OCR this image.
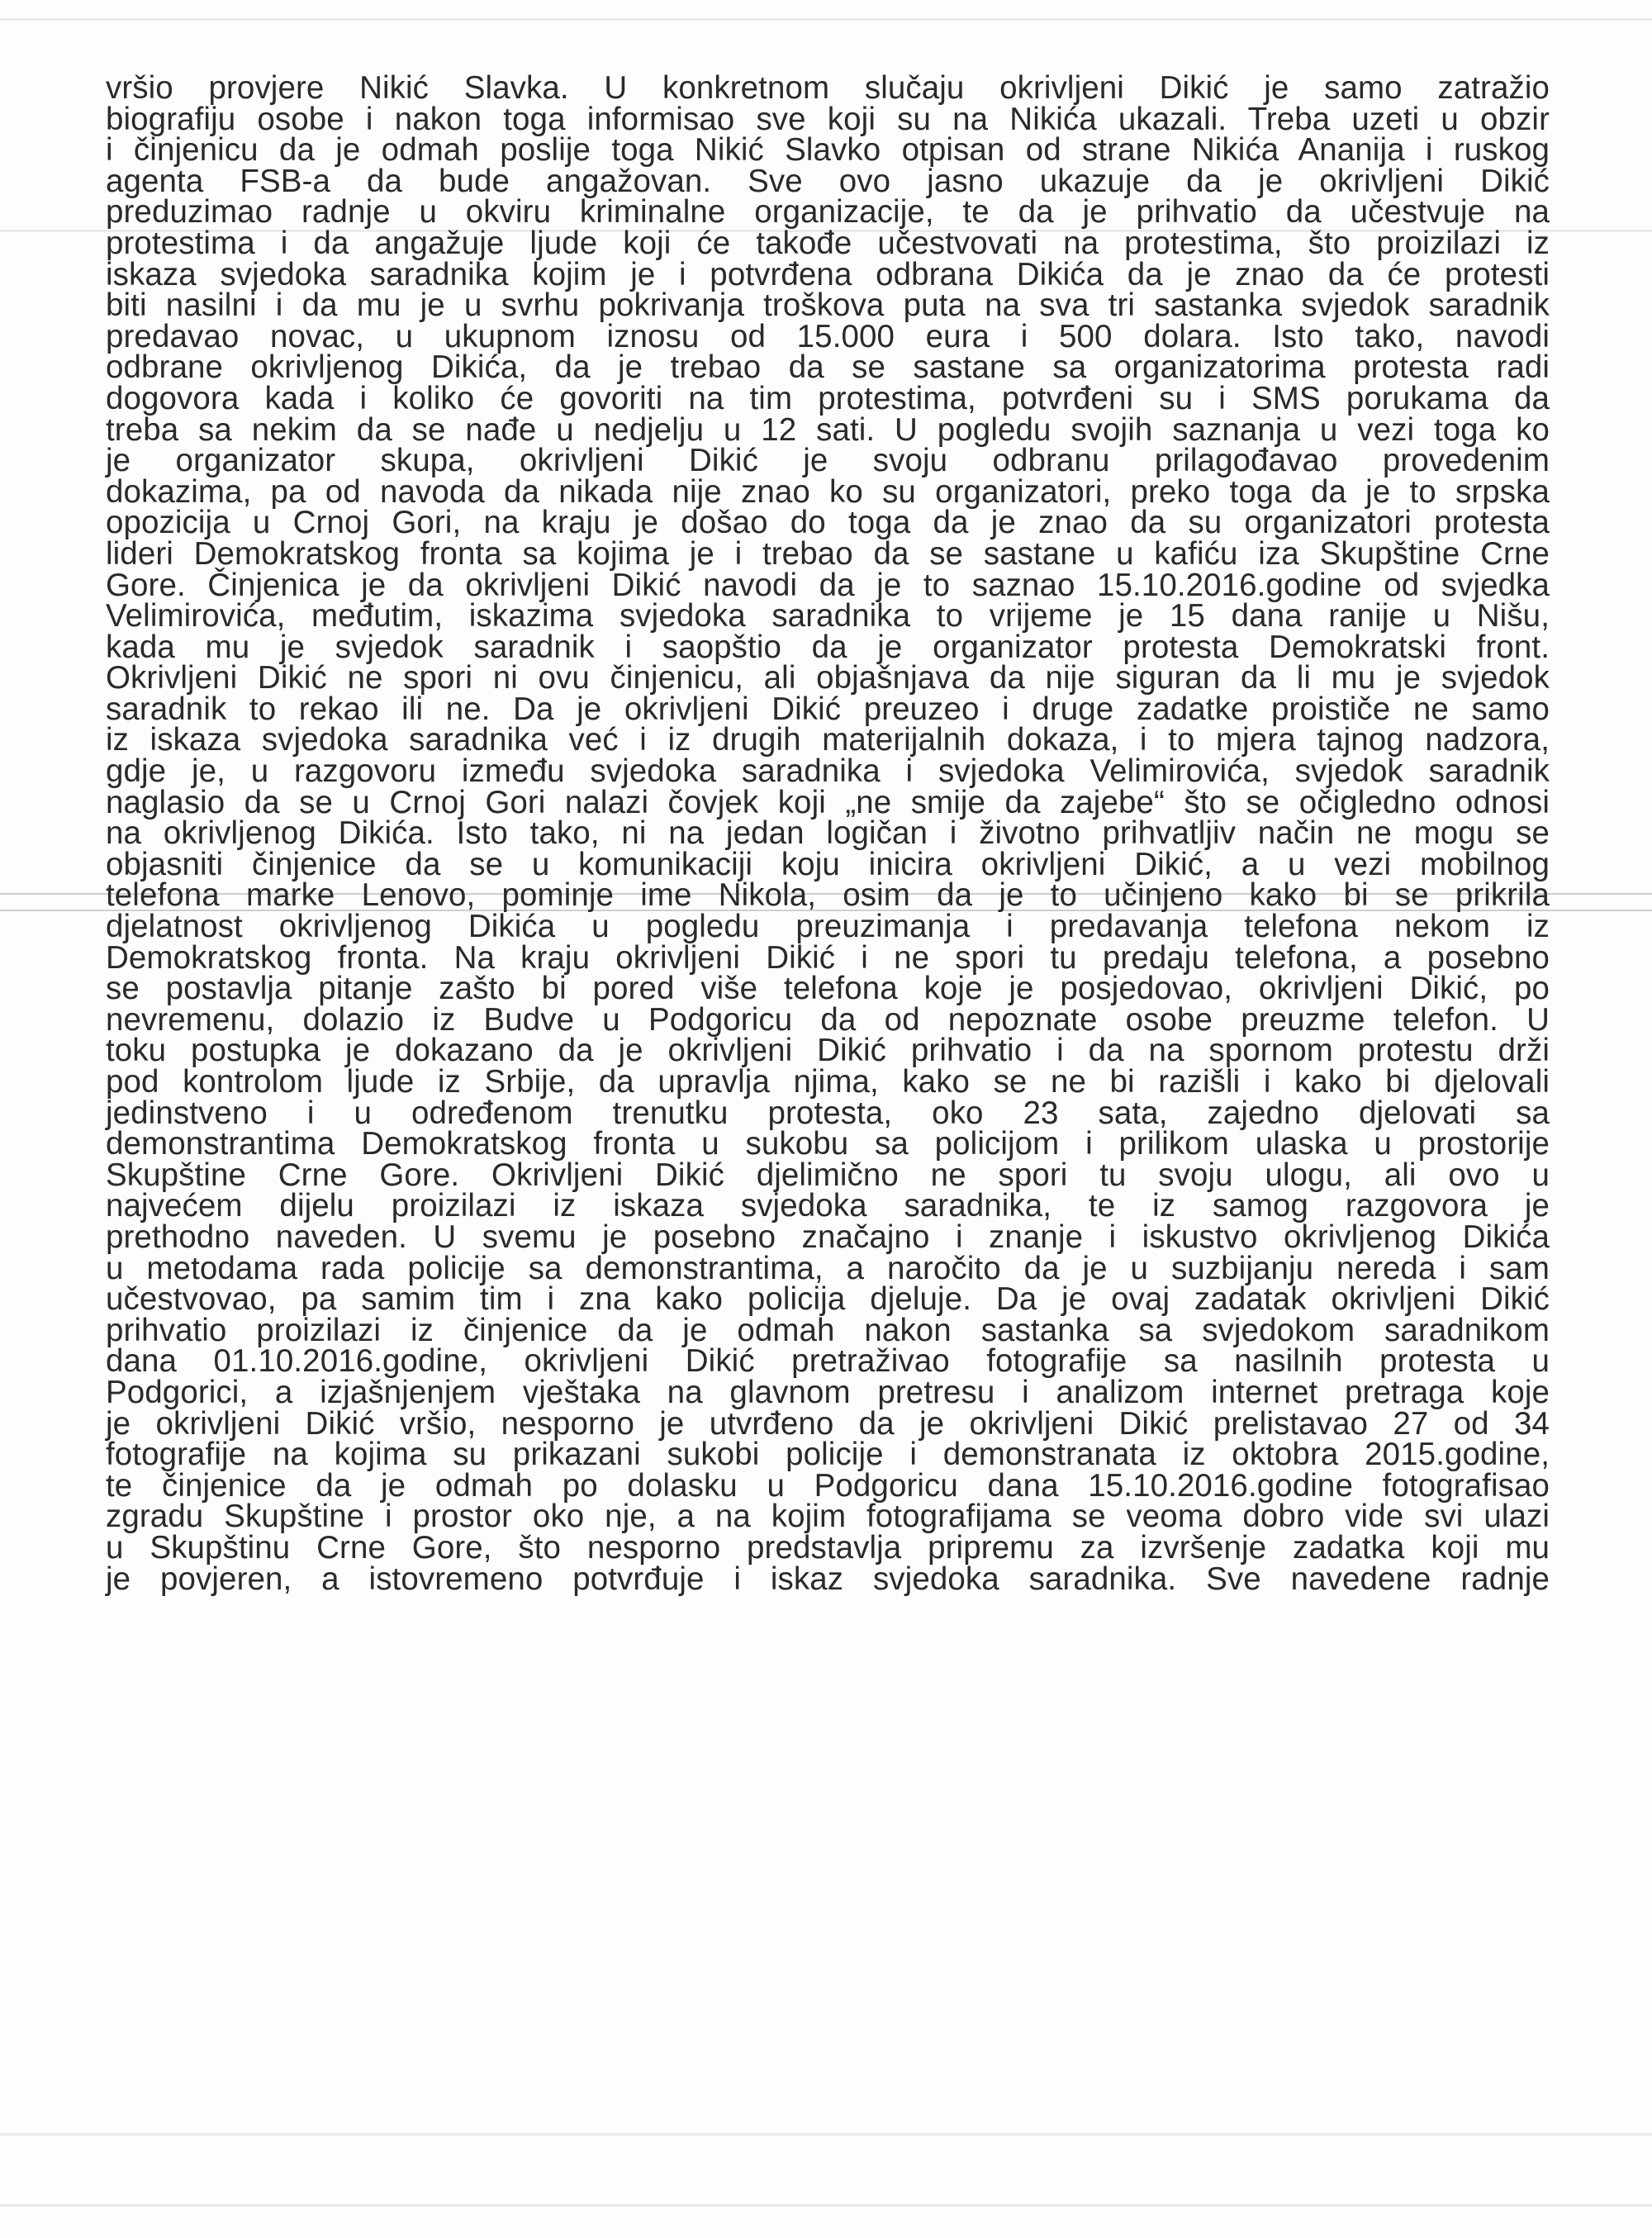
vršio provjere Nikić Slavka. U konkretnom slučaju okrivljeni Dikić je samo zatražio
biografiju osobe i nakon toga informisao sve koji su na Nikića ukazali. Treba uzeti u obzir
i činjenicu da je odmah poslije toga Nikić Slavko otpisan od strane Nikića Ananija i ruskog
agenta FSB-a da bude angažovan. Sve ovo jasno ukazuje da je okrivljeni Dikić
preduzimao radnje u okviru kriminalne organizacije, te da je prihvatio da učestvuje na
protestima i da angažuje ljude koji će takođe učestvovati na protestima, što proizilazi iz
iskaza svjedoka saradnika kojim je i potvrđena odbrana Dikića da je znao da će protesti
biti nasilni i da mu je u svrhu pokrivanja troškova puta na sva tri sastanka svjedok saradnik
predavao novac, u ukupnom iznosu od 15.000 eura i 500 dolara. Isto tako, navodi
odbrane okrivljenog Dikića, da je trebao da se sastane sa organizatorima protesta radi
dogovora kada i koliko će govoriti na tim protestima, potvrđeni su i SMS porukama da
treba sa nekim da se nađe u nedjelju u 12 sati. U pogledu svojih saznanja u vezi toga ko
je organizator skupa, okrivljeni Dikić je svoju odbranu prilagođavao provedenim
dokazima, pa od navoda da nikada nije znao ko su organizatori, preko toga da je to srpska
opozicija u Crnoj Gori, na kraju je došao do toga da je znao da su organizatori protesta
lideri Demokratskog fronta sa kojima je i trebao da se sastane u kafiću iza Skupštine Crne
Gore. Činjenica je da okrivljeni Dikić navodi da je to saznao 15.10.2016.godine od svjedka
Velimirovića, međutim, iskazima svjedoka saradnika to vrijeme je 15 dana ranije u Nišu,
kada mu je svjedok saradnik i saopštio da je organizator protesta Demokratski front.
Okrivljeni Dikić ne spori ni ovu činjenicu, ali objašnjava da nije siguran da li mu je svjedok
saradnik to rekao ili ne. Da je okrivljeni Dikić preuzeo i druge zadatke proističe ne samo
iz iskaza svjedoka saradnika već i iz drugih materijalnih dokaza, i to mjera tajnog nadzora,
gdje je, u razgovoru između svjedoka saradnika i svjedoka Velimirovića, svjedok saradnik
naglasio da se u Crnoj Gori nalazi čovjek koji „ne smije da zajebe“ što se očigledno odnosi
na okrivljenog Dikića. Isto tako, ni na jedan logičan i životno prihvatljiv način ne mogu se
objasniti činjenice da se u komunikaciji koju inicira okrivljeni Dikić, a u vezi mobilnog
telefona marke Lenovo, pominje ime Nikola, osim da je to učinjeno kako bi se prikrila
djelatnost okrivljenog Dikića u pogledu preuzimanja i predavanja telefona nekom iz
Demokratskog fronta. Na kraju okrivljeni Dikić i ne spori tu predaju telefona, a posebno
se postavlja pitanje zašto bi pored više telefona koje je posjedovao, okrivljeni Dikić, po
nevremenu, dolazio iz Budve u Podgoricu da od nepoznate osobe preuzme telefon. U
toku postupka je dokazano da je okrivljeni Dikić prihvatio i da na spornom protestu drži
pod kontrolom ljude iz Srbije, da upravlja njima, kako se ne bi razišli i kako bi djelovali
jedinstveno i u određenom trenutku protesta, oko 23 sata, zajedno djelovati sa
demonstrantima Demokratskog fronta u sukobu sa policijom i prilikom ulaska u prostorije
Skupštine Crne Gore. Okrivljeni Dikić djelimično ne spori tu svoju ulogu, ali ovo u
najvećem dijelu proizilazi iz iskaza svjedoka saradnika, te iz samog razgovora je
prethodno naveden. U svemu je posebno značajno i znanje i iskustvo okrivljenog Dikića
u metodama rada policije sa demonstrantima, a naročito da je u suzbijanju nereda i sam
učestvovao, pa samim tim i zna kako policija djeluje. Da je ovaj zadatak okrivljeni Dikić
prihvatio proizilazi iz činjenice da je odmah nakon sastanka sa svjedokom saradnikom
dana 01.10.2016.godine, okrivljeni Dikić pretraživao fotografije sa nasilnih protesta u
Podgorici, a izjašnjenjem vještaka na glavnom pretresu i analizom internet pretraga koje
je okrivljeni Dikić vršio, nesporno je utvrđeno da je okrivljeni Dikić prelistavao 27 od 34
fotografije na kojima su prikazani sukobi policije i demonstranata iz oktobra 2015.godine,
te činjenice da je odmah po dolasku u Podgoricu dana 15.10.2016.godine fotografisao
zgradu Skupštine i prostor oko nje, a na kojim fotografijama se veoma dobro vide svi ulazi
u Skupštinu Crne Gore, što nesporno predstavlja pripremu za izvršenje zadatka koji mu
je povjeren, a istovremeno potvrđuje i iskaz svjedoka saradnika. Sve navedene radnje
